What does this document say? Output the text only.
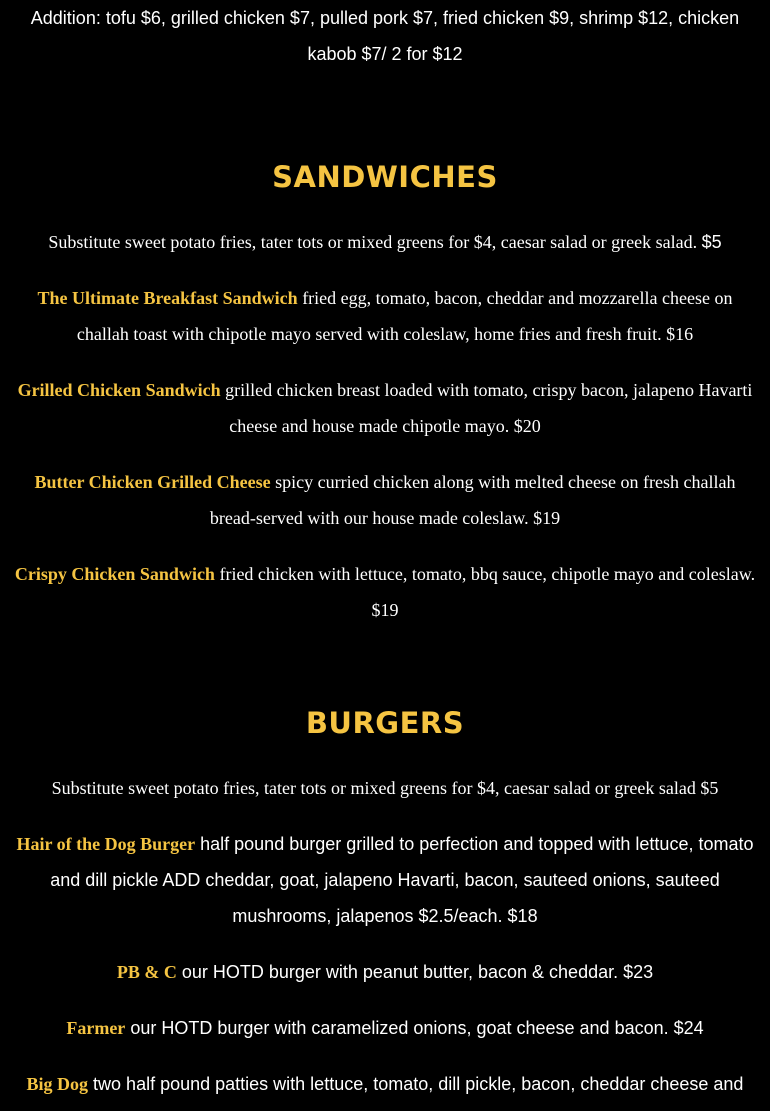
Addition: tofu $6, grilled chicken $7, pulled pork $7, fried chicken $9, shrimp $12, chicken kabob $7/ 2 for $12
SANDWICHES
Substitute sweet potato fries, tater tots or mixed greens for $4, caesar salad or greek salad. $5
The Ultimate Breakfast Sandwich fried egg, tomato, bacon, cheddar and mozzarella cheese on challah toast with chipotle mayo served with coleslaw, home fries and fresh fruit. $16
Grilled Chicken Sandwich grilled chicken breast loaded with tomato, crispy bacon, jalapeno Havarti cheese and house made chipotle mayo. $20
Butter Chicken Grilled Cheese spicy curried chicken along with melted cheese on fresh challah bread-served with our house made coleslaw. $19
Crispy Chicken Sandwich fried chicken with lettuce, tomato, bbq sauce, chipotle mayo and coleslaw. $19
BURGERS
Substitute sweet potato fries, tater tots or mixed greens for $4, caesar salad or greek salad $5
Hair of the Dog Burger half pound burger grilled to perfection and topped with lettuce, tomato and dill pickle ADD cheddar, goat, jalapeno Havarti, bacon, sauteed onions, sauteed mushrooms, jalapenos $2.5/each. $18
PB & C our HOTD burger with peanut butter, bacon & cheddar. $23
Farmer our HOTD burger with caramelized onions, goat cheese and bacon. $24
Big Dog two half pound patties with lettuce, tomato, dill pickle, bacon, cheddar cheese and
